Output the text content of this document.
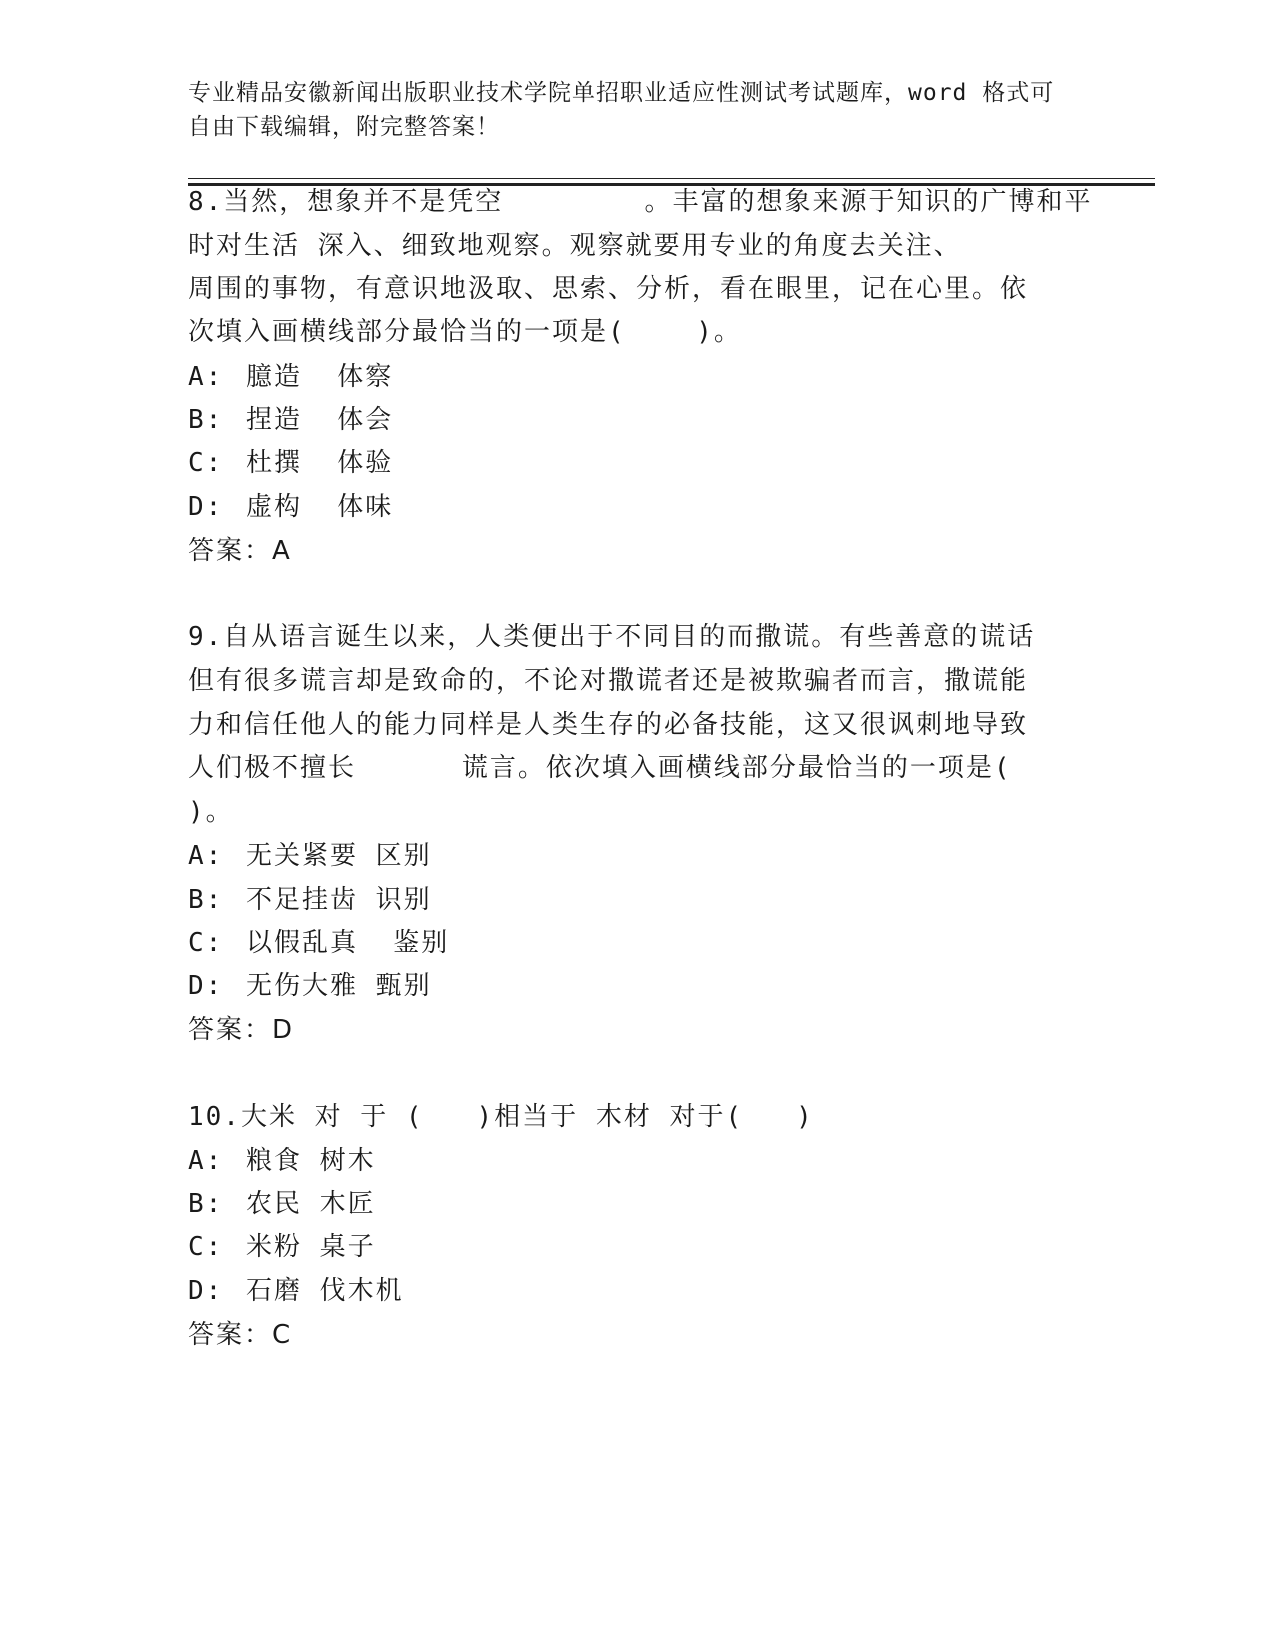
专业精品安徽新闻出版职业技术学院单招职业适应性测试考试题库，word 格式可
自由下载编辑，附完整答案！
8.当然，想象并不是凭空        。丰富的想象来源于知识的广博和平
时对生活 深入、细致地观察。观察就要用专业的角度去关注、
周围的事物，有意识地汲取、思索、分析，看在眼里，记在心里。依
次填入画横线部分最恰当的一项是(    )。
A: 臆造  体察
B: 捏造  体会
C: 杜撰  体验
D: 虚构  体味
答案：A
9.自从语言诞生以来，人类便出于不同目的而撒谎。有些善意的谎话
但有很多谎言却是致命的，不论对撒谎者还是被欺骗者而言，撒谎能
力和信任他人的能力同样是人类生存的必备技能，这又很讽刺地导致
人们极不擅长      谎言。依次填入画横线部分最恰当的一项是(
)。
A: 无关紧要 区别
B: 不足挂齿 识别
C: 以假乱真  鉴别
D: 无伤大雅 甄别
答案：D
10.大米 对 于 (   )相当于 木材 对于(   )
A: 粮食 树木
B: 农民 木匠
C: 米粉 桌子
D: 石磨 伐木机
答案：C
